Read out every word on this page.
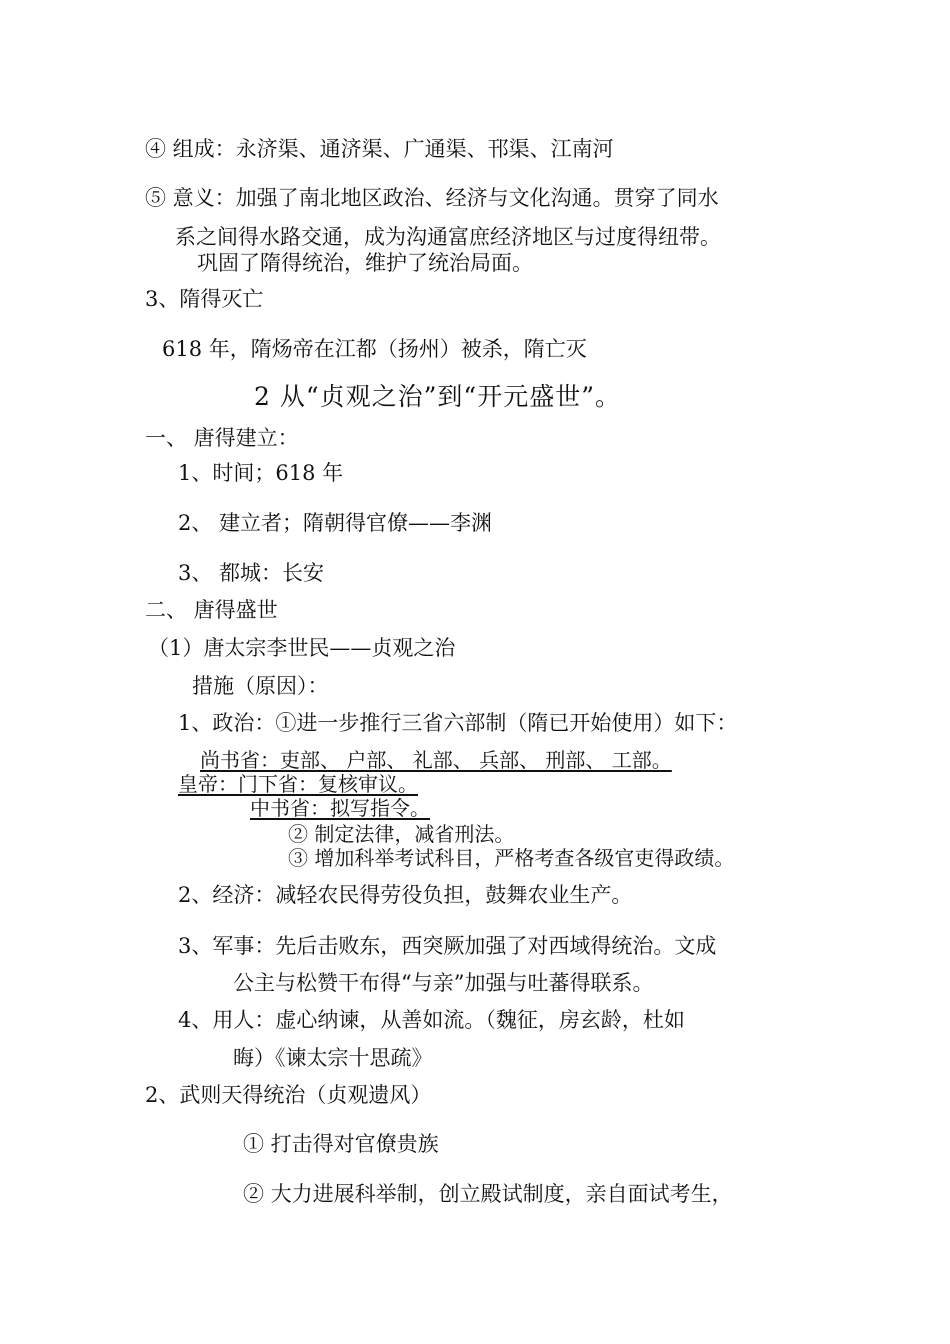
④ 组成：永济渠、通济渠、广通渠、邗渠、江南河
⑤ 意义：加强了南北地区政治、经济与文化沟通。贯穿了同水
系之间得水路交通，成为沟通富庶经济地区与过度得纽带。
巩固了隋得统治，维护了统治局面。
3、隋得灭亡
618 年，隋炀帝在江都（扬州）被杀，隋亡灭
2 从“贞观之治”到“开元盛世”。
一、 唐得建立：
1、时间；618 年
2、 建立者；隋朝得官僚——李渊
3、 都城：长安
二、 唐得盛世
（1）唐太宗李世民——贞观之治
措施（原因）：
1、政治：①进一步推行三省六部制（隋已开始使用）如下：
尚书省：吏部、 户部、 礼部、 兵部、 刑部、 工部。
皇帝：门下省：复核审议。
中书省：拟写指令。
② 制定法律，减省刑法。
③ 增加科举考试科目，严格考查各级官吏得政绩。
2、经济：减轻农民得劳役负担，鼓舞农业生产。
3、军事：先后击败东，西突厥加强了对西域得统治。文成
公主与松赞干布得“与亲”加强与吐蕃得联系。
4、用人：虚心纳谏，从善如流。（魏征，房玄龄，杜如
晦）《谏太宗十思疏》
2、武则天得统治（贞观遗风）
① 打击得对官僚贵族
② 大力进展科举制，创立殿试制度，亲自面试考生，
